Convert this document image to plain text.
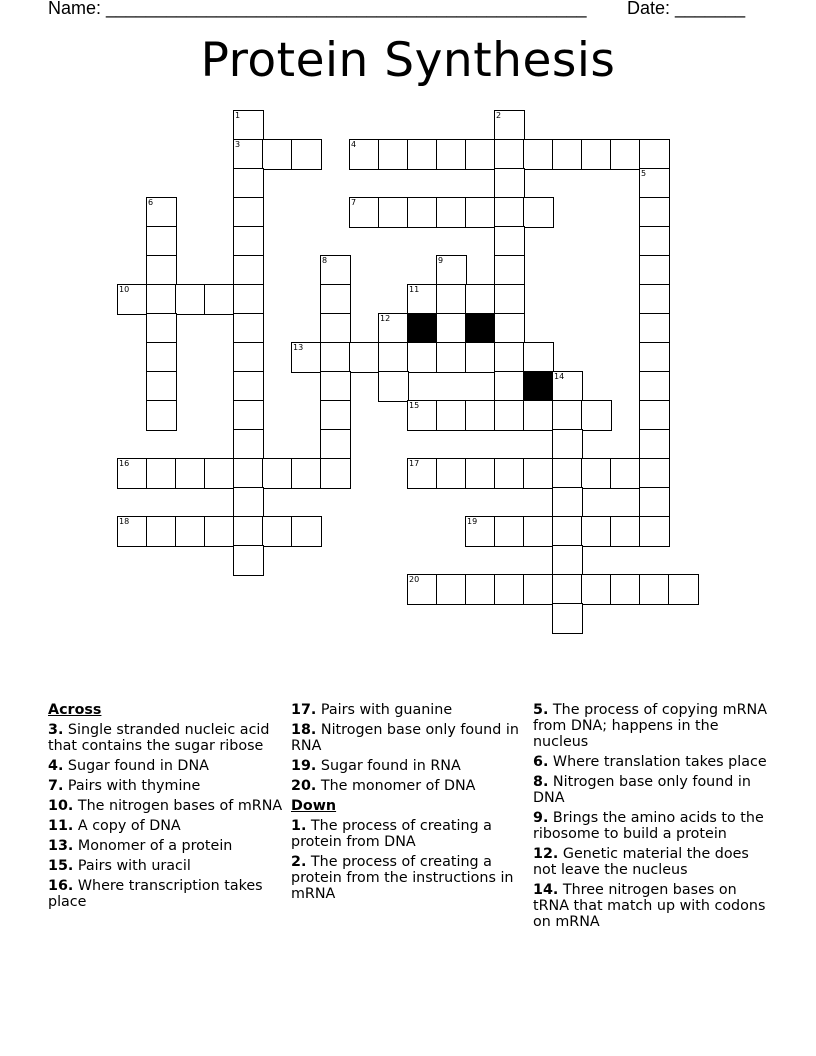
Name: ________________________________________________ Date: _______
Protein Synthesis
1	2
3	4
5
6	7
8	9
10	11
12
13
14
15
16	17
18	19
20
Across
3. Single stranded nucleic acid that contains the sugar ribose
4. Sugar found in DNA
7. Pairs with thymine
10. The nitrogen bases of mRNA
11. A copy of DNA
13. Monomer of a protein
15. Pairs with uracil
16. Where transcription takes place
17. Pairs with guanine
18. Nitrogen base only found in RNA
19. Sugar found in RNA
20. The monomer of DNA
Down
1. The process of creating a protein from DNA
2. The process of creating a protein from the instructions in mRNA
5. The process of copying mRNA from DNA; happens in the nucleus
6. Where translation takes place
8. Nitrogen base only found in DNA
9. Brings the amino acids to the ribosome to build a protein
12. Genetic material the does not leave the nucleus
14. Three nitrogen bases on tRNA that match up with codons on mRNA
